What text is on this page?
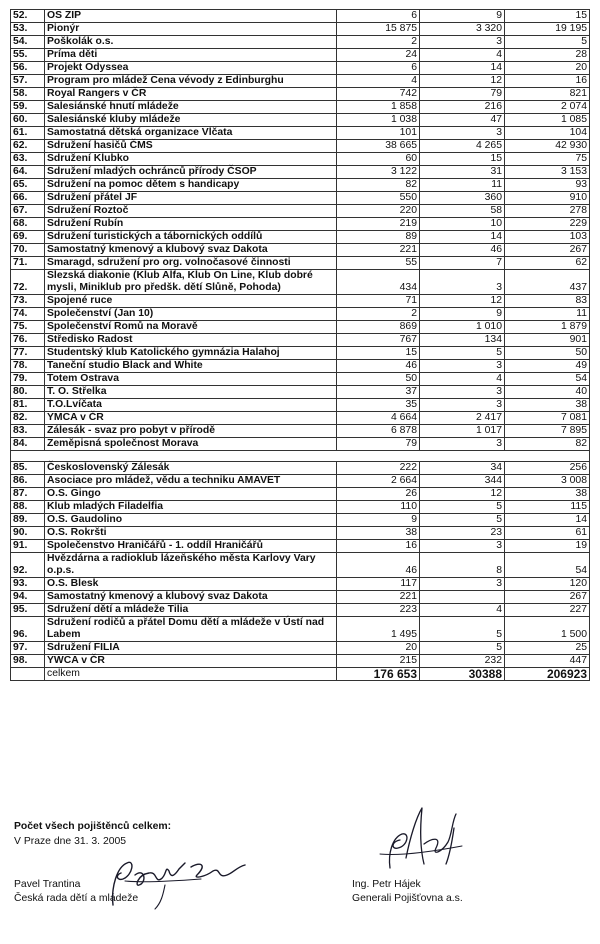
52.	OS ZIP	6	9	15
53.	Pionýr	15 875	3 320	19 195
54.	Poškolák o.s.	2	3	5
55.	Príma děti	24	4	28
56.	Projekt Odyssea	6	14	20
57.	Program pro mládež Cena vévody z Edinburghu	4	12	16
58.	Royal Rangers v ČR	742	79	821
59.	Salesiánské hnutí mládeže	1 858	216	2 074
60.	Salesiánské kluby mládeže	1 038	47	1 085
61.	Samostatná dětská organizace Vlčata	101	3	104
62.	Sdružení hasičů ČMS	38 665	4 265	42 930
63.	Sdružení Klubko	60	15	75
64.	Sdružení mladých ochránců přírody ČSOP	3 122	31	3 153
65.	Sdružení na pomoc dětem s handicapy	82	11	93
66.	Sdružení přátel JF	550	360	910
67.	Sdružení Roztoč	220	58	278
68.	Sdružení Rubín	219	10	229
69.	Sdružení turistických a tábornických oddílů	89	14	103
70.	Samostatný kmenový a klubový svaz Dakota	221	46	267
71.	Smaragd, sdružení pro org. volnočasové činnosti	55	7	62
72.	Slezská diakonie (Klub Alfa, Klub On Line, Klub dobré mysli, Miniklub pro předšk. dětí Slůně, Pohoda)	434	3	437
73.	Spojené ruce	71	12	83
74.	Společenství (Jan 10)	2	9	11
75.	Společenství Romů na Moravě	869	1 010	1 879
76.	Středisko Radost	767	134	901
77.	Studentský klub Katolického gymnázia Halahoj	15	5	50
78.	Taneční studio Black and White	46	3	49
79.	Totem Ostrava	50	4	54
80.	T. O. Střelka	37	3	40
81.	T.O.Lvíčata	35	3	38
82.	YMCA v ČR	4 664	2 417	7 081
83.	Zálesák - svaz pro pobyt v přírodě	6 878	1 017	7 895
84.	Zeměpisná společnost Morava	79	3	82

85.	Československý Zálesák	222	34	256
86.	Asociace pro mládež, vědu a techniku AMAVET	2 664	344	3 008
87.	O.S. Gingo	26	12	38
88.	Klub mladých Filadelfia	110	5	115
89.	O.S. Gaudolino	9	5	14
90.	O.S. Rokršti	38	23	61
91.	Společenstvo Hraničářů - 1. oddíl Hraničářů	16	3	19
92.	Hvězdárna a radioklub lázeňského města Karlovy Vary o.p.s.	46	8	54
93.	O.S. Blesk	117	3	120
94.	Samostatný kmenový a klubový svaz Dakota	221		267
95.	Sdružení dětí a mládeže Tilia	223	4	227
96.	Sdružení rodičů a přátel Domu dětí a mládeže v Ústí nad Labem	1 495	5	1 500
97.	Sdružení FILIA	20	5	25
98.	YWCA v ČR	215	232	447
	celkem	176 653	30388	206923
Počet všech pojištěnců celkem:
V Praze dne 31. 3. 2005
Pavel Trantina
Česká rada dětí a mládeže
Ing. Petr Hájek
Generali Pojišťovna a.s.
